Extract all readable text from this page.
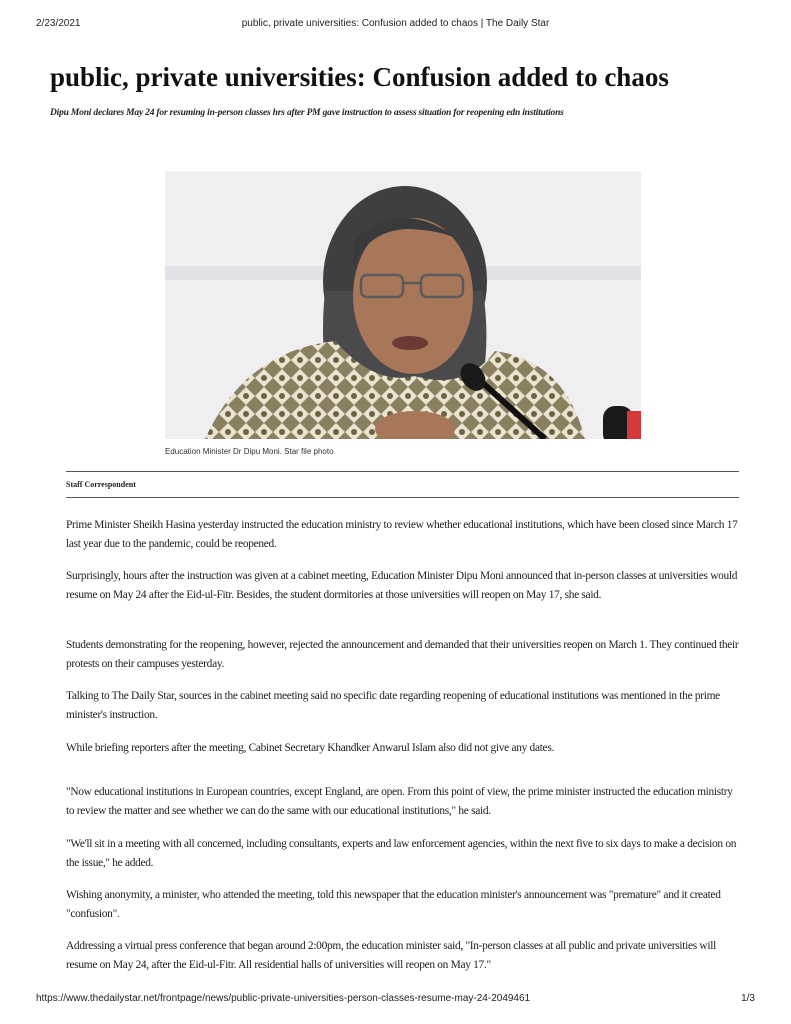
2/23/2021	public, private universities: Confusion added to chaos | The Daily Star
public, private universities: Confusion added to chaos

Dipu Moni declares May 24 for resuming in-person classes hrs after PM gave instruction to assess situation for reopening edn institutions

Education Minister Dr Dipu Moni. Star file photo
Staff Correspondent

Prime Minister Sheikh Hasina yesterday instructed the education ministry to review whether educational institutions, which have been closed since March 17 last year due to the pandemic, could be reopened.

Surprisingly, hours after the instruction was given at a cabinet meeting, Education Minister Dipu Moni announced that in-person classes at universities would resume on May 24 after the Eid-ul-Fitr. Besides, the student dormitories at those universities will reopen on May 17, she said.

Students demonstrating for the reopening, however, rejected the announcement and demanded that their universities reopen on March 1. They continued their protests on their campuses yesterday.

Talking to The Daily Star, sources in the cabinet meeting said no specific date regarding reopening of educational institutions was mentioned in the prime minister's instruction.

While briefing reporters after the meeting, Cabinet Secretary Khandker Anwarul Islam also did not give any dates.

"Now educational institutions in European countries, except England, are open. From this point of view, the prime minister instructed the education ministry to review the matter and see whether we can do the same with our educational institutions," he said.

"We'll sit in a meeting with all concerned, including consultants, experts and law enforcement agencies, within the next five to six days to make a decision on the issue," he added.

Wishing anonymity, a minister, who attended the meeting, told this newspaper that the education minister's announcement was "premature" and it created "confusion".

Addressing a virtual press conference that began around 2:00pm, the education minister said, "In-person classes at all public and private universities will resume on May 24, after the Eid-ul-Fitr. All residential halls of universities will reopen on May 17."

https://www.thedailystar.net/frontpage/news/public-private-universities-person-classes-resume-may-24-2049461	1/3
